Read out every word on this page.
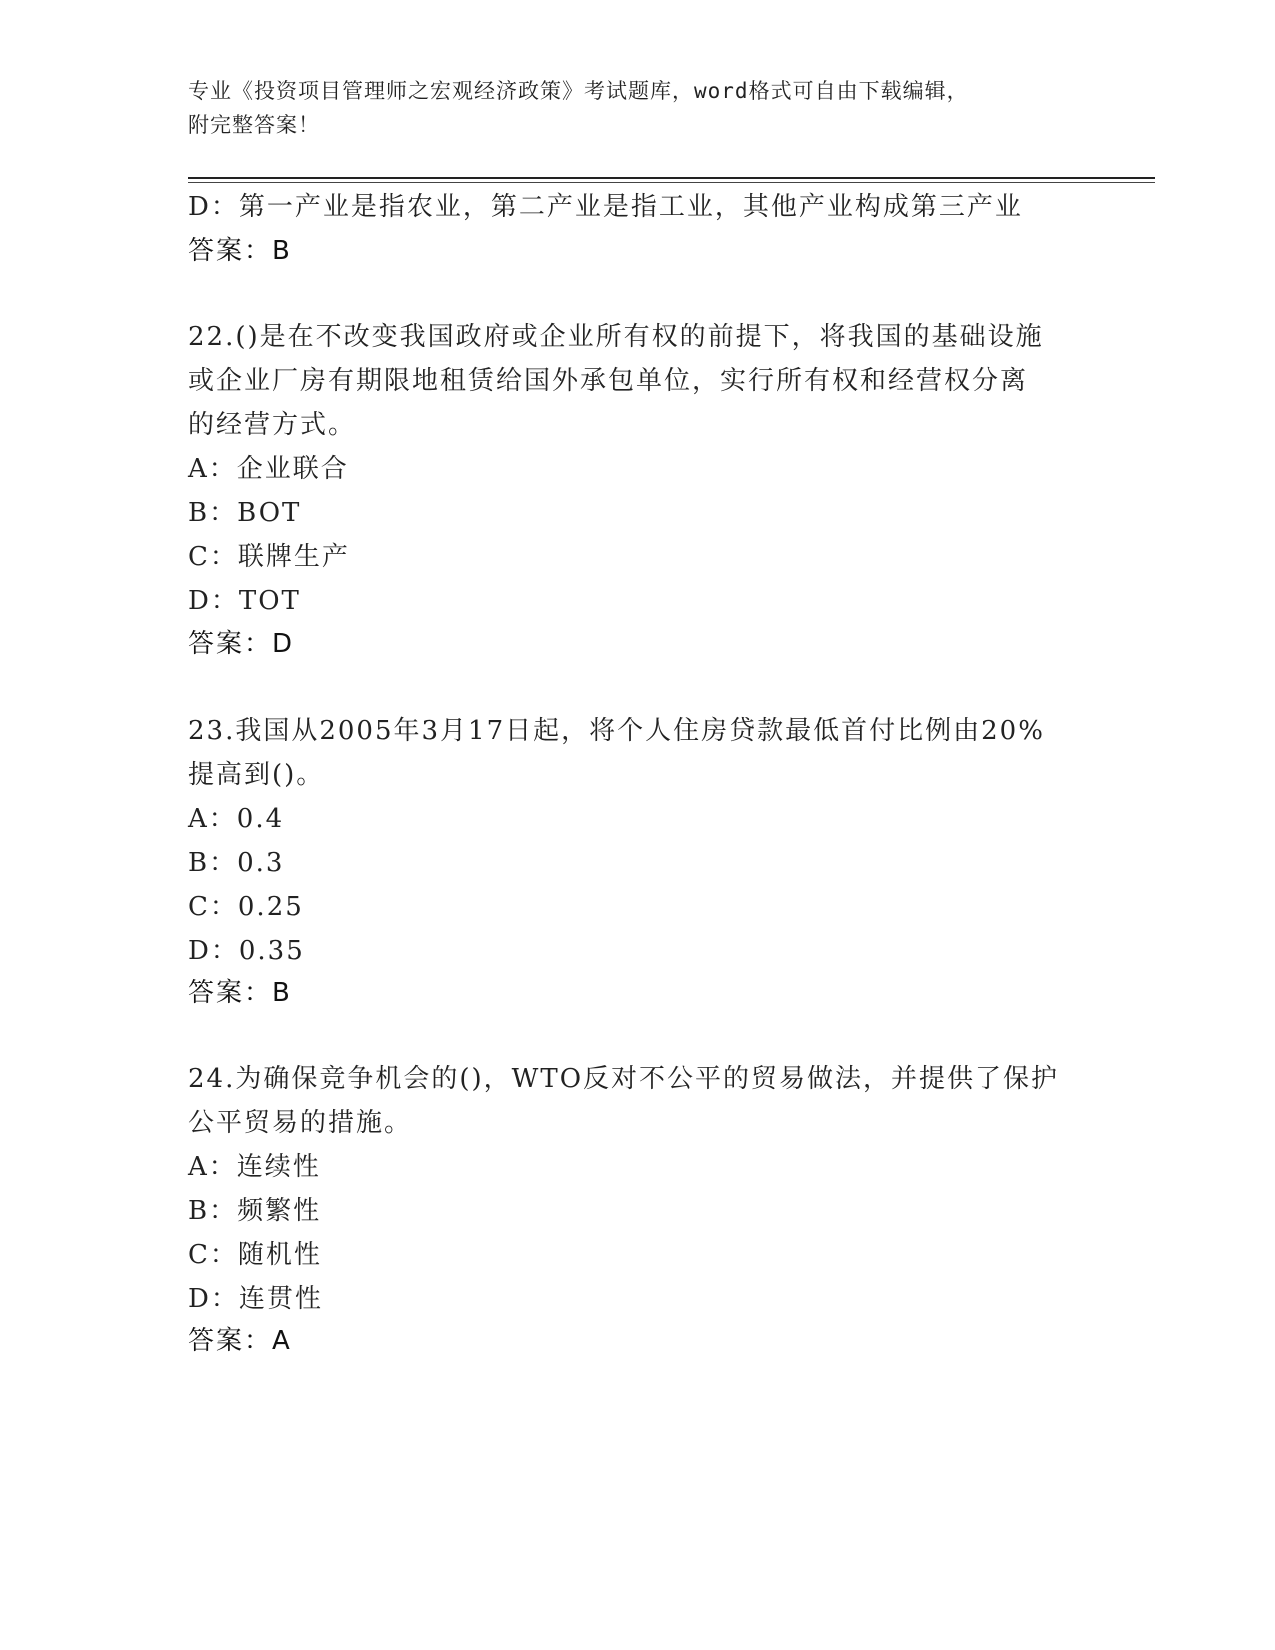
专业《投资项目管理师之宏观经济政策》考试题库，word格式可自由下载编辑，
附完整答案！
D：第一产业是指农业，第二产业是指工业，其他产业构成第三产业
答案：B
22.()是在不改变我国政府或企业所有权的前提下，将我国的基础设施
或企业厂房有期限地租赁给国外承包单位，实行所有权和经营权分离
的经营方式。
A：企业联合
B：BOT
C：联牌生产
D：TOT
答案：D
23.我国从2005年3月17日起，将个人住房贷款最低首付比例由20%
提高到()。
A：0.4
B：0.3
C：0.25
D：0.35
答案：B
24.为确保竞争机会的()，WTO反对不公平的贸易做法，并提供了保护
公平贸易的措施。
A：连续性
B：频繁性
C：随机性
D：连贯性
答案：A
